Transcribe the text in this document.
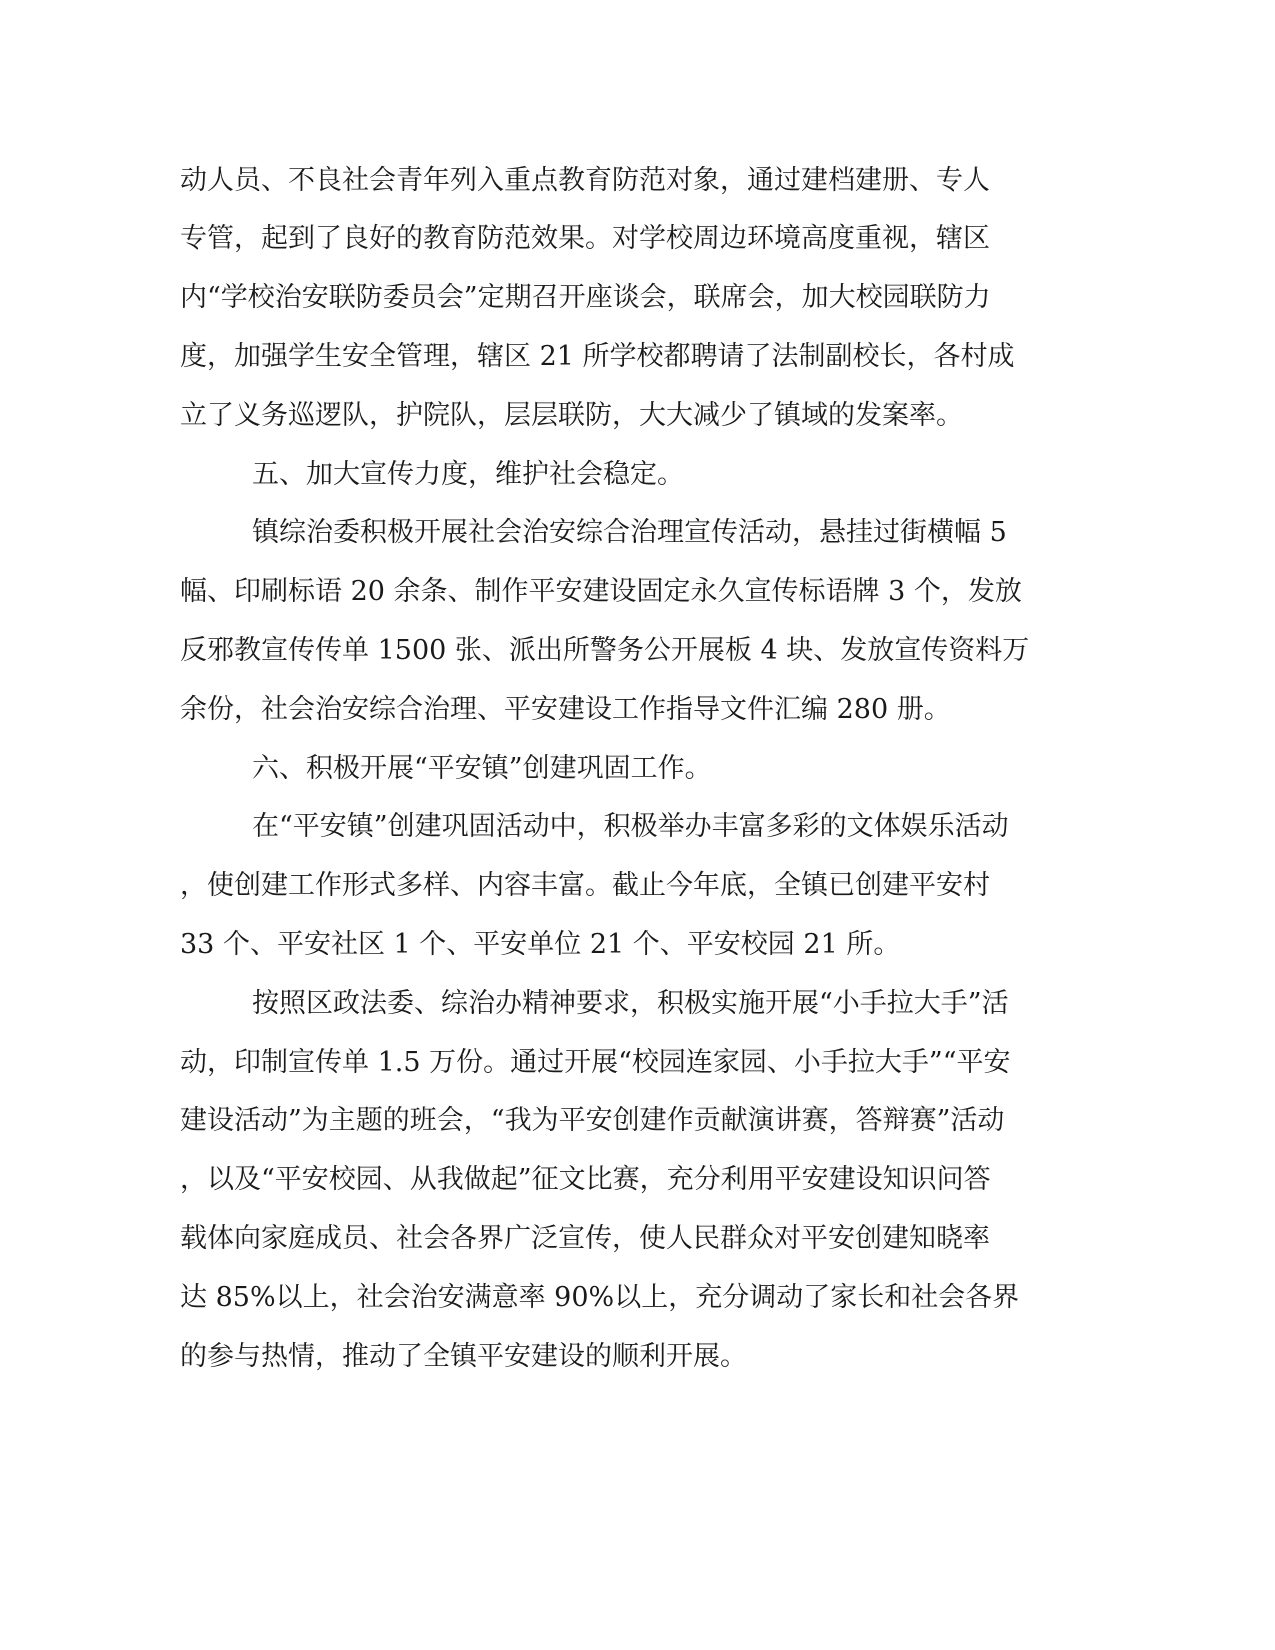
动人员、不良社会青年列入重点教育防范对象，通过建档建册、专人

专管，起到了良好的教育防范效果。对学校周边环境高度重视，辖区

内“学校治安联防委员会”定期召开座谈会，联席会，加大校园联防力

度，加强学生安全管理，辖区 21 所学校都聘请了法制副校长，各村成

立了义务巡逻队，护院队，层层联防，大大减少了镇域的发案率。

五、加大宣传力度，维护社会稳定。

镇综治委积极开展社会治安综合治理宣传活动，悬挂过街横幅 5

幅、印刷标语 20 余条、制作平安建设固定永久宣传标语牌 3 个，发放

反邪教宣传传单 1500 张、派出所警务公开展板 4 块、发放宣传资料万

余份，社会治安综合治理、平安建设工作指导文件汇编 280 册。

六、积极开展“平安镇”创建巩固工作。

在“平安镇”创建巩固活动中，积极举办丰富多彩的文体娱乐活动

，使创建工作形式多样、内容丰富。截止今年底，全镇已创建平安村

33 个、平安社区 1 个、平安单位 21 个、平安校园 21 所。

按照区政法委、综治办精神要求，积极实施开展“小手拉大手”活

动，印制宣传单 1.5 万份。通过开展“校园连家园、小手拉大手”“平安

建设活动”为主题的班会，“我为平安创建作贡献演讲赛，答辩赛”活动

，以及“平安校园、从我做起”征文比赛，充分利用平安建设知识问答

载体向家庭成员、社会各界广泛宣传，使人民群众对平安创建知晓率

达 85%以上，社会治安满意率 90%以上，充分调动了家长和社会各界

的参与热情，推动了全镇平安建设的顺利开展。
